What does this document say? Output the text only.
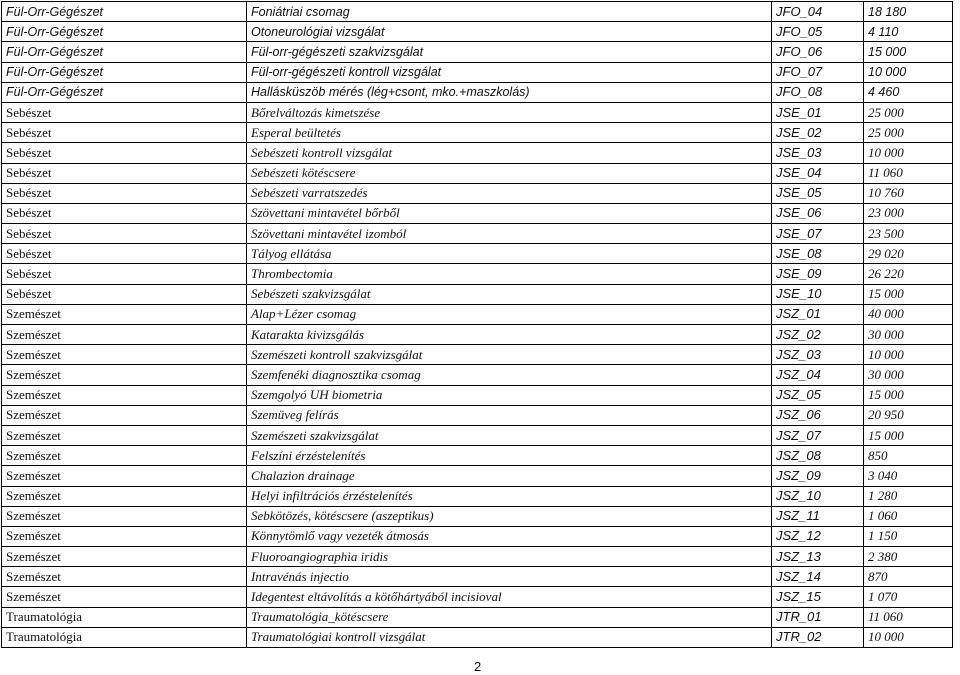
Fül-Orr-Gégészet	Foniátriai csomag	JFO_04	18 180
Fül-Orr-Gégészet	Otoneurológiai vizsgálat	JFO_05	4 110
Fül-Orr-Gégészet	Fül-orr-gégészeti szakvizsgálat	JFO_06	15 000
Fül-Orr-Gégészet	Fül-orr-gégészeti kontroll vizsgálat	JFO_07	10 000
Fül-Orr-Gégészet	Hallásküszöb mérés (lég+csont, mko.+maszkolás)	JFO_08	4 460
Sebészet	Bőrelváltozás kimetszése	JSE_01	25 000
Sebészet	Esperal beültetés	JSE_02	25 000
Sebészet	Sebészeti kontroll vizsgálat	JSE_03	10 000
Sebészet	Sebészeti kötéscsere	JSE_04	11 060
Sebészet	Sebészeti varratszedés	JSE_05	10 760
Sebészet	Szövettani mintavétel bőrből	JSE_06	23 000
Sebészet	Szövettani mintavétel izomból	JSE_07	23 500
Sebészet	Tályog ellátása	JSE_08	29 020
Sebészet	Thrombectomia	JSE_09	26 220
Sebészet	Sebészeti szakvizsgálat	JSE_10	15 000
Szemészet	Alap+Lézer csomag	JSZ_01	40 000
Szemészet	Katarakta kivizsgálás	JSZ_02	30 000
Szemészet	Szemészeti kontroll szakvizsgálat	JSZ_03	10 000
Szemészet	Szemfenéki diagnosztika csomag	JSZ_04	30 000
Szemészet	Szemgolyó UH biometria	JSZ_05	15 000
Szemészet	Szemüveg felírás	JSZ_06	20 950
Szemészet	Szemészeti szakvizsgálat	JSZ_07	15 000
Szemészet	Felszíni érzéstelenítés	JSZ_08	850
Szemészet	Chalazion drainage	JSZ_09	3 040
Szemészet	Helyi infiltrációs érzéstelenítés	JSZ_10	1 280
Szemészet	Sebkötözés, kötéscsere (aszeptikus)	JSZ_11	1 060
Szemészet	Könnytömlő vagy vezeték átmosás	JSZ_12	1 150
Szemészet	Fluoroangiographia iridis	JSZ_13	2 380
Szemészet	Intravénás injectio	JSZ_14	870
Szemészet	Idegentest eltávolítás a kötőhártyából incisioval	JSZ_15	1 070
Traumatológia	Traumatológia_kötéscsere	JTR_01	11 060
Traumatológia	Traumatológiai kontroll vizsgálat	JTR_02	10 000
2
